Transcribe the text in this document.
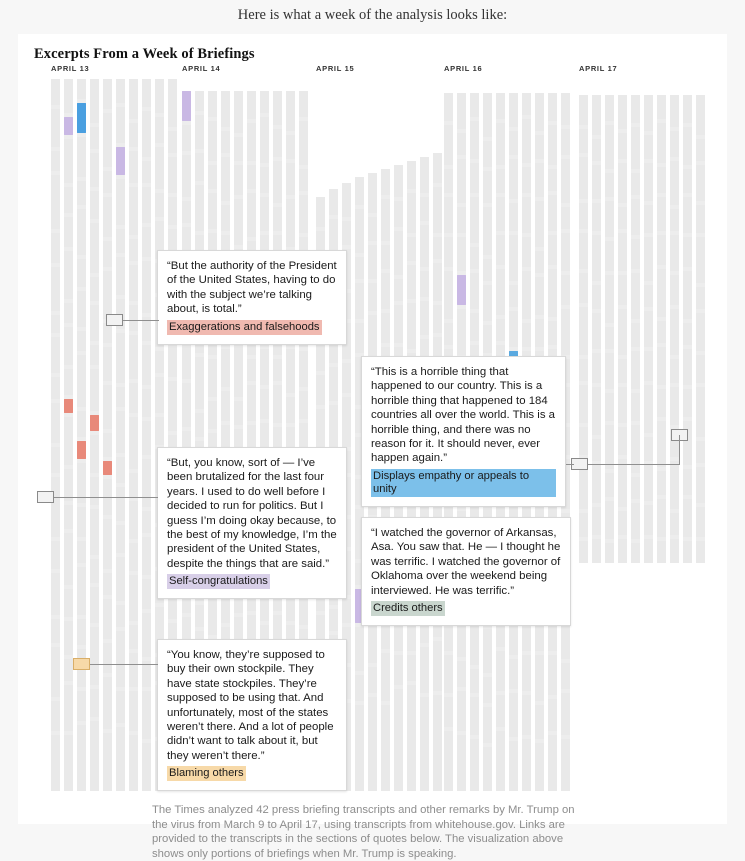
Here is what a week of the analysis looks like:
Excerpts From a Week of Briefings
APRIL 13	APRIL 14	APRIL 15	APRIL 16	APRIL 17
“But the authority of the President of the United States, having to do with the subject we’re talking about, is total.”
Exaggerations and falsehoods
“This is a horrible thing that happened to our country. This is a horrible thing that happened to 184 countries all over the world. This is a horrible thing, and there was no reason for it. It should never, ever happen again.”
Displays empathy or appeals to unity
“But, you know, sort of — I’ve been brutalized for the last four years. I used to do well before I decided to run for politics. But I guess I’m doing okay because, to the best of my knowledge, I’m the president of the United States, despite the things that are said.”
Self-congratulations
“I watched the governor of Arkansas, Asa. You saw that. He — I thought he was terrific. I watched the governor of Oklahoma over the weekend being interviewed. He was terrific.”
Credits others
“You know, they’re supposed to buy their own stockpile. They have state stockpiles. They’re supposed to be using that. And unfortunately, most of the states weren’t there. And a lot of people didn’t want to talk about it, but they weren’t there.”
Blaming others
The Times analyzed 42 press briefing transcripts and other remarks by Mr. Trump on the virus from March 9 to April 17, using transcripts from whitehouse.gov. Links are provided to the transcripts in the sections of quotes below. The visualization above shows only portions of briefings when Mr. Trump is speaking.
